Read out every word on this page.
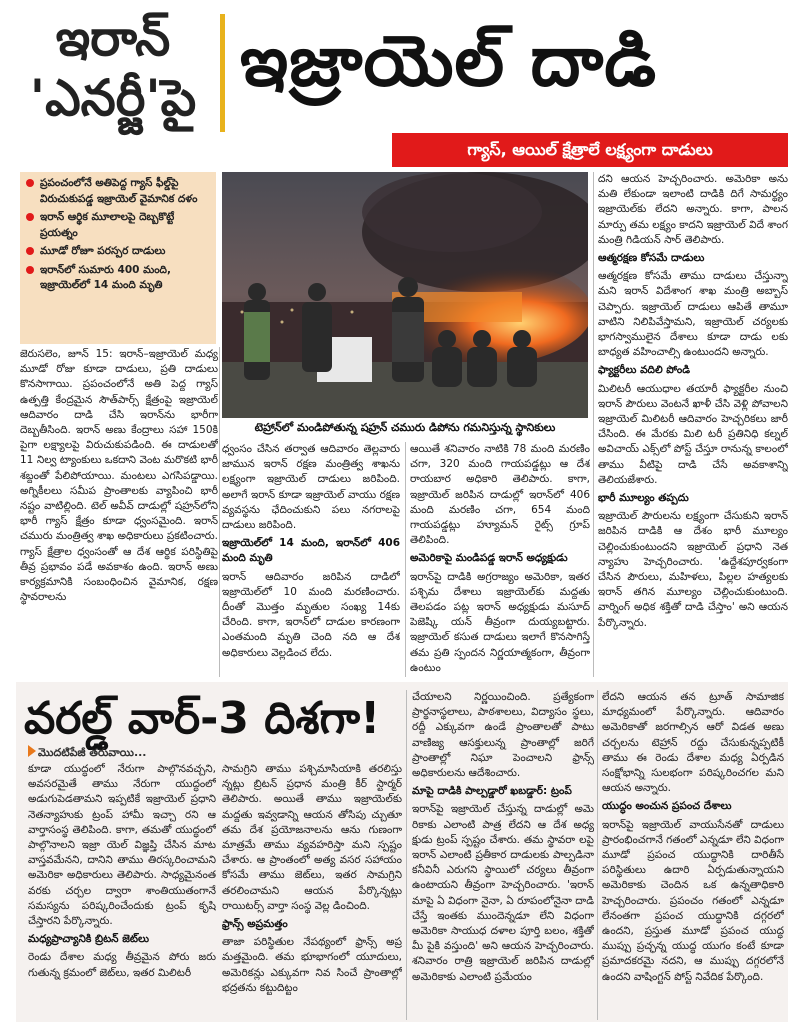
ఇరాన్
'ఎనర్జీ'పై ఇజ్రాయెల్ దాడి
గ్యాస్, ఆయిల్ క్షేత్రాలే లక్ష్యంగా దాడులు
ప్రపంచంలోనే అతిపెద్ద గ్యాస్ ఫీల్డ్‌పై విరుచుకుపడ్డ ఇజ్రాయెల్ వైమానిక దళం
ఇరాన్ ఆర్థిక మూలాలపై దెబ్బకొట్టే ప్రయత్నం
మూడో రోజూ పరస్పర దాడులు
ఇరాన్‌లో సుమారు 400 మంది, ఇజ్రాయెల్‌లో 14 మంది మృతి
టెహ్రాన్‌లో మండిపోతున్న షహ్రన్ చమురు డిపోను గమనిస్తున్న స్థానికులు

జెరుసలెం, జూన్ 15: ఇరాన్–ఇజ్రాయెల్ మధ్య మూడో రోజు కూడా దాడులు, ప్రతి దాడులు కొనసాగాయి. ప్రపంచంలోనే అతి పెద్ద గ్యాస్ ఉత్పత్తి కేంద్రమైన సౌత్‌పార్స్ క్షేత్రంపై ఇజ్రాయెల్ ఆదివారం దాడి చేసి ఇరాన్‌ను భారీగా దెబ్బతీసింది. ఇరాన్ అణు కేంద్రాలు సహా 150కి పైగా లక్ష్యాలపై విరుచుకుపడింది. ఈ దాడులతో 11 నిల్వ ట్యాంకులు ఒకదాని వెంట మరొకటి భారీ శబ్దంతో పేలిపోయాయి. మంటలు ఎగసిపడ్డాయి. అగ్నికీలలు సమీప ప్రాంతాలకు వ్యాపించి భారీ నష్టం వాటిల్లింది. టెల్ అవీవ్ దాడుల్లో షహ్రన్‌లోని భారీ గ్యాస్ క్షేత్రం కూడా ధ్వంసమైంది. ఇరాన్ చమురు మంత్రిత్వ శాఖ అధికారులు ప్రకటించారు. గ్యాస్ క్షేత్రాల ధ్వంసంతో ఆ దేశ ఆర్థిక పరిస్థితిపై తీవ్ర ప్రభావం పడే అవకాశం ఉంది. ఇరాన్ అణు కార్యక్రమానికి సంబంధించిన వైమానిక, రక్షణ స్థావరాలను

ధ్వంసం చేసిన తర్వాత ఆదివారం తెల్లవారు జామున ఇరాన్ రక్షణ మంత్రిత్వ శాఖను లక్ష్యంగా ఇజ్రాయెల్ దాడులు జరిపింది. అలాగే ఇరాన్ కూడా ఇజ్రాయెల్ వాయు రక్షణ వ్యవస్థను ఛేదించుకుని పలు నగరాలపై దాడులు జరిపింది.

ఇజ్రాయెల్‌లో 14 మంది, ఇరాన్‌లో 406 మంది మృతి

ఇరాన్ ఆదివారం జరిపిన దాడిలో ఇజ్రాయెల్‌లో 10 మంది మరణించారు. దీంతో మొత్తం మృతుల సంఖ్య 14కు చేరింది. కాగా, ఇరాన్‌లో దాడుల కారణంగా ఎంతమంది మృతి చెంది నది ఆ దేశ అధికారులు వెల్లడించ లేదు.

ఆయితే శనివారం నాటికి 78 మంది మరణిం చగా, 320 మంది గాయపడ్డట్లు ఆ దేశ రాయబార అధికారి తెలిపారు. కాగా, ఇజ్రాయెల్ జరిపిన దాడుల్లో ఇరాన్‌లో 406 మంది మరణిం చగా, 654 మంది గాయపడ్డట్లు హ్యూమన్ రైట్స్ గ్రూప్ తెలిపింది.

అమెరికాపై మండిపడ్డ ఇరాన్ అధ్యక్షుడు

ఇరాన్‌పై దాడికి అగ్రరాజ్యం అమెరికా, ఇతర పశ్చిమ దేశాలు ఇజ్రాయెల్‌కు మద్దతు తెలపడం పట్ల ఇరాన్ అధ్యక్షుడు మసూద్ పెజెష్కి యన్ తీవ్రంగా దుయ్యబట్టారు. ఇజ్రాయెల్ కసుత దాడులు ఇలాగే కొనసాగిస్తే తమ ప్రతి స్పందన నిర్ణయాత్మకంగా, తీవ్రంగా ఉంటుం

దని ఆయన హెచ్చరించారు. అమెరికా అను మతి లేకుండా ఇలాంటి దాడికి దిగే సామర్థ్యం ఇజ్రాయెల్‌కు లేదని అన్నారు. కాగా, పాలన మార్పు తమ లక్ష్యం కాదని ఇజ్రాయెల్ విదే శాంగ మంత్రి గిడియన్ సార్ తెలిపారు.

ఆత్మరక్షణ కోసమే దాడులు

ఆత్మరక్షణ కోసమే తాము దాడులు చేస్తున్నా మని ఇరాన్ విదేశాంగ శాఖ మంత్రి అబ్బాస్ చెప్పారు. ఇజ్రాయెల్ దాడులు ఆపితే తామూ వాటిని నిలిపివేస్తామని, ఇజ్రాయెల్ చర్యలకు భాగస్వాములైన దేశాలు కూడా దాడు లకు బాధ్యత వహించాల్సి ఉంటుందని అన్నారు.

ఫ్యాక్టరీలు వదిలి పోండి

మిలిటరీ ఆయుధాల తయారీ ఫ్యాక్టరీల నుంచి ఇరాన్ పౌరులు వెంటనే ఖాళీ చేసి వెళ్లి పోవాలని ఇజ్రాయెల్ మిలిటరీ ఆదివారం హెచ్చరికలు జారీ చేసింది. ఈ మేరకు మిలి టరీ ప్రతినిధి కల్నల్ అవిచాయ్ ఎక్స్‌లో పోస్ట్ చేస్తూ రానున్న కాలంలో తాము వీటిపై దాడి చేసే అవకాశాన్ని తెలియజేశారు.

భారీ మూల్యం తప్పదు

ఇజ్రాయెల్ పౌరులను లక్ష్యంగా చేసుకుని ఇరాన్ జరిపిన దాడికి ఆ దేశం భారీ మూల్యం చెల్లించుకుంటుందని ఇజ్రాయెల్ ప్రధాని నెత న్యాహు హెచ్చరించారు. 'ఉద్దేశపూర్వకంగా చేసిన పౌరులు, మహిళలు, పిల్లల హత్యలకు ఇరాన్ తగిన మూల్యం చెల్లించుకుంటుంది. వార్నింగ్ అధిక శక్తితో దాడి చేస్తాం' అని ఆయన పేర్కొన్నారు.

వరల్డ్ వార్-3 దిశగా!
మొదటిపేజీ తరువాయి...

కూడా యుద్ధంలో నేరుగా పాల్గొనవచ్చని, అవసరమైతే తాము నేరుగా యుద్ధంలో అడుగుపెడతామని ఇప్పటికే ఇజ్రాయెల్ ప్రధాని నెతన్యాహుకు ట్రంప్ హామీ ఇచ్చా రని ఆ వార్తాసంస్థ తెలిపింది. కాగా, తమతో యుద్ధంలో పాల్గొనాలని ఇజ్రా యెల్ విజ్ఞప్తి చేసిన మాట వాస్తవమేనని, దానిని తాము తిరస్కరించామని అమెరికా అధికారులు తెలిపారు. సాధ్యమైనంత వరకు చర్చల ద్వారా శాంతియుతంగానే సమస్యను పరిష్కరించేందుకు ట్రంప్ కృషి చేస్తారని పేర్కొన్నారు.

మధ్యప్రాచ్యానికి బ్రిటన్ జెట్‌లు

రెండు దేశాల మధ్య తీవ్రమైన పోరు జరు గుతున్న క్రమంలో జెట్‌లు, ఇతర మిలిటరీ

సామగ్రిని తాము పశ్చిమాసియాకి తరలిస్తు న్నట్లు బ్రిటన్ ప్రధాన మంత్రి కీర్ స్టార్మర్ తెలిపారు. అయితే తాము ఇజ్రాయెల్‌కు మద్దతు ఇవ్వడాన్ని ఆయన తోసిపు చ్చుతూ తమ దేశ ప్రయోజనాలను ఆను గుణంగా మాత్రమే తాము వ్యవహరిస్తా మని స్పష్టం చేశారు. ఆ ప్రాంతంలో అత్య వసర సహాయం కోసమే తాము జెట్‌లు, ఇతర సామగ్రిని తరలించామని ఆయన పేర్కొన్నట్లు రాయిటర్స్ వార్తా సంస్థ వెల్ల డించింది.

ఫ్రాన్స్ అప్రమత్తం

తాజా పరిస్థితుల నేపథ్యంలో ఫ్రాన్స్ అప్ర మత్తమైంది. తమ భూభాగంలో యూదులు, అమెరికన్లు ఎక్కువగా నివ సించే ప్రాంతాల్లో భద్రతను కట్టుదిట్టం

చేయాలని నిర్ణయించింది. ప్రత్యేకంగా ప్రార్థనాస్థలాలు, పాఠశాలలు, విద్యాసం స్థలు, రద్దీ ఎక్కువగా ఉండే ప్రాంతాలతో పాటు వాణిజ్య ఆసక్తులున్న ప్రాంతాల్లో జరిగే ప్రాంతాల్లో నిఘా పెంచాలని ఫ్రాన్స్ అధికారులను ఆదేశించారు.

మాపై దాడికి పాల్పడ్డారో ఖబడ్డార్: ట్రంప్

ఇరాన్‌పై ఇజ్రాయెల్ చేస్తున్న దాడుల్లో అమె రికాకు ఎలాంటి పాత్ర లేదని ఆ దేశ అధ్య క్షుడు ట్రంప్ స్పష్టం చేశారు. తమ స్థావరా లపై ఇరాన్ ఎలాంటి ప్రతీకార దాడులకు పాల్పడినా కనీవినీ ఎరుగని స్థాయిలో చర్యలు తీవ్రంగా ఉంటాయని తీవ్రంగా హెచ్చరించారు. 'ఇరాన్ మాపై ఏ విధంగా నైనా, ఏ రూపంలోనైనా దాడి చేస్తే ఇంతకు ముందెన్నడూ లేని విధంగా అమెరికా సాయుధ దళాల పూర్తి బలం, శక్తితో మీ పైకి వస్తుంది' అని ఆయన హెచ్చరించారు. శనివారం రాత్రి ఇజ్రాయెల్ జరిపిన దాడుల్లో అమెరికాకు ఎలాంటి ప్రమేయం

లేదని ఆయన తన ట్రూత్ సామాజిక మాధ్యమంలో పేర్కొన్నారు. ఆదివారం అమెరికాతో జరగాల్సిన ఆరో విడత అణు చర్చలను టెహ్రాన్ రద్దు చేసుకున్నప్పటికీ తాము ఈ రెండు దేశాల మధ్య ఏర్పడిన సంక్షోభాన్ని సులభంగా పరిష్కరించగల మని ఆయన అన్నారు.

యుద్ధం అంచున ప్రపంచ దేశాలు

ఇరాన్‌పై ఇజ్రాయెల్ వాయుసేనతో దాడులు ప్రారంభించగానే గతంలో ఎన్నడూ లేని విధంగా మూడో ప్రపంచ యుద్ధానికి దారితీసే పరిస్థితులు ఉదారి ఏర్పడుతున్నాయని అమెరికాకు చెందిన ఒక ఉన్నతాధికారి హెచ్చరించారు. ప్రపంచం గతంలో ఎన్నడూ లేనంతగా ప్రపంచ యుద్ధానికి దగ్గరలో ఉందని, ప్రస్తుత మూడో ప్రపంచ యుద్ధ ముప్పు ప్రచ్ఛన్న యుద్ధ యుగం కంటే కూడా ప్రమాదకరమై నదని, ఆ ముప్పు దగ్గరలోనే ఉందని వాషింగ్టన్ పోస్ట్ నివేదిక పేర్కొంది.
